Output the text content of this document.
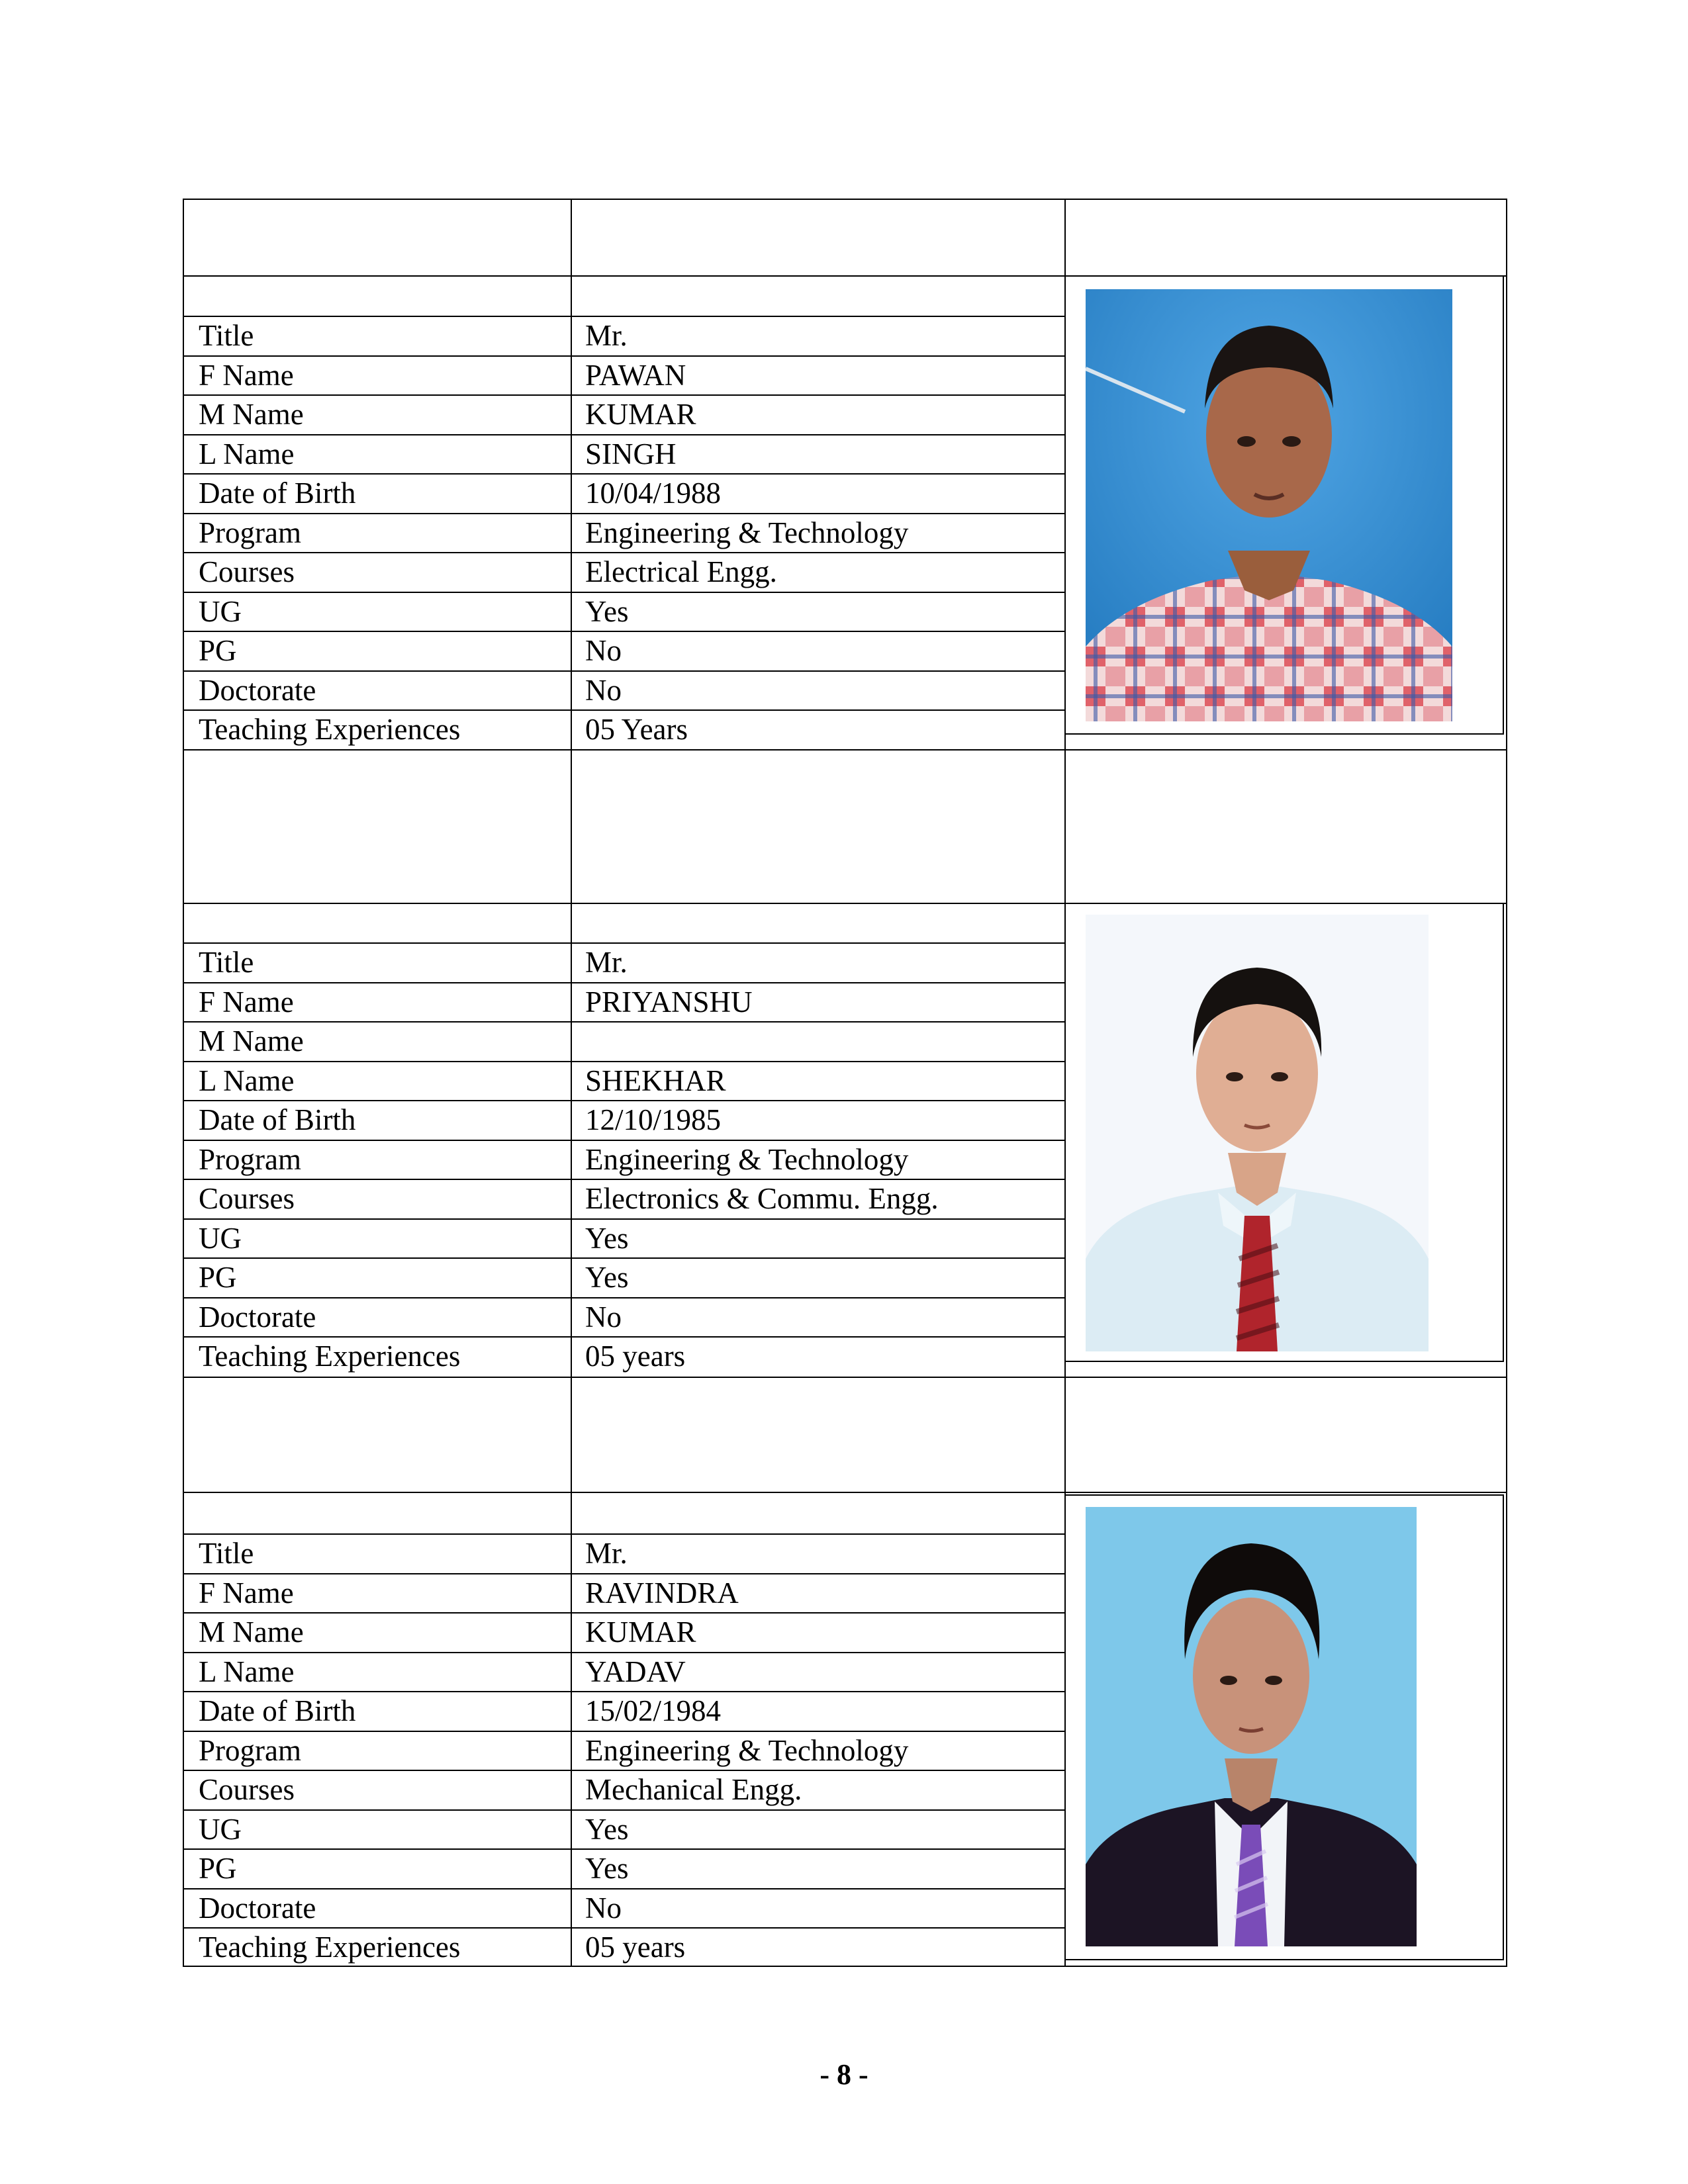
Title	Mr.
F Name	PAWAN
M Name	KUMAR
L Name	SINGH
Date of Birth	10/04/1988
Program	Engineering & Technology
Courses	Electrical Engg.
UG	Yes
PG	No
Doctorate	No
Teaching Experiences	05 Years
Title	Mr.
F Name	PRIYANSHU
M Name
L Name	SHEKHAR
Date of Birth	12/10/1985
Program	Engineering & Technology
Courses	Electronics & Commu. Engg.
UG	Yes
PG	Yes
Doctorate	No
Teaching Experiences	05 years
Title	Mr.
F Name	RAVINDRA
M Name	KUMAR
L Name	YADAV
Date of Birth	15/02/1984
Program	Engineering & Technology
Courses	Mechanical Engg.
UG	Yes
PG	Yes
Doctorate	No
Teaching Experiences	05 years
- 8 -
